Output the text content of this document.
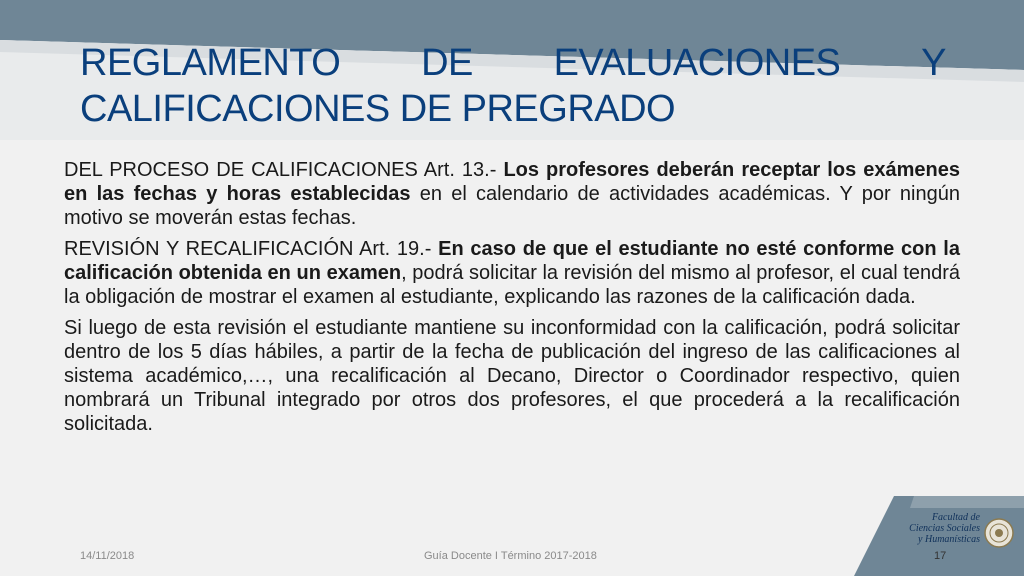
REGLAMENTO DE EVALUACIONES Y
CALIFICACIONES DE PREGRADO

DEL PROCESO DE CALIFICACIONES Art. 13.- Los profesores deberán receptar los exámenes en las fechas y horas establecidas en el calendario de actividades académicas. Y por ningún motivo se moverán estas fechas.

REVISIÓN Y RECALIFICACIÓN Art. 19.- En caso de que el estudiante no esté conforme con la calificación obtenida en un examen, podrá solicitar la revisión del mismo al profesor, el cual tendrá la obligación de mostrar el examen al estudiante, explicando las razones de la calificación dada.

Si luego de esta revisión el estudiante mantiene su inconformidad con la calificación, podrá solicitar dentro de los 5 días hábiles, a partir de la fecha de publicación del ingreso de las calificaciones al sistema académico,…, una recalificación al Decano, Director o Coordinador respectivo, quien nombrará un Tribunal integrado por otros dos profesores, el que procederá a la recalificación solicitada.

14/11/2018	Guía Docente I Término 2017-2018	17
Facultad de
Ciencias Sociales
y Humanísticas
